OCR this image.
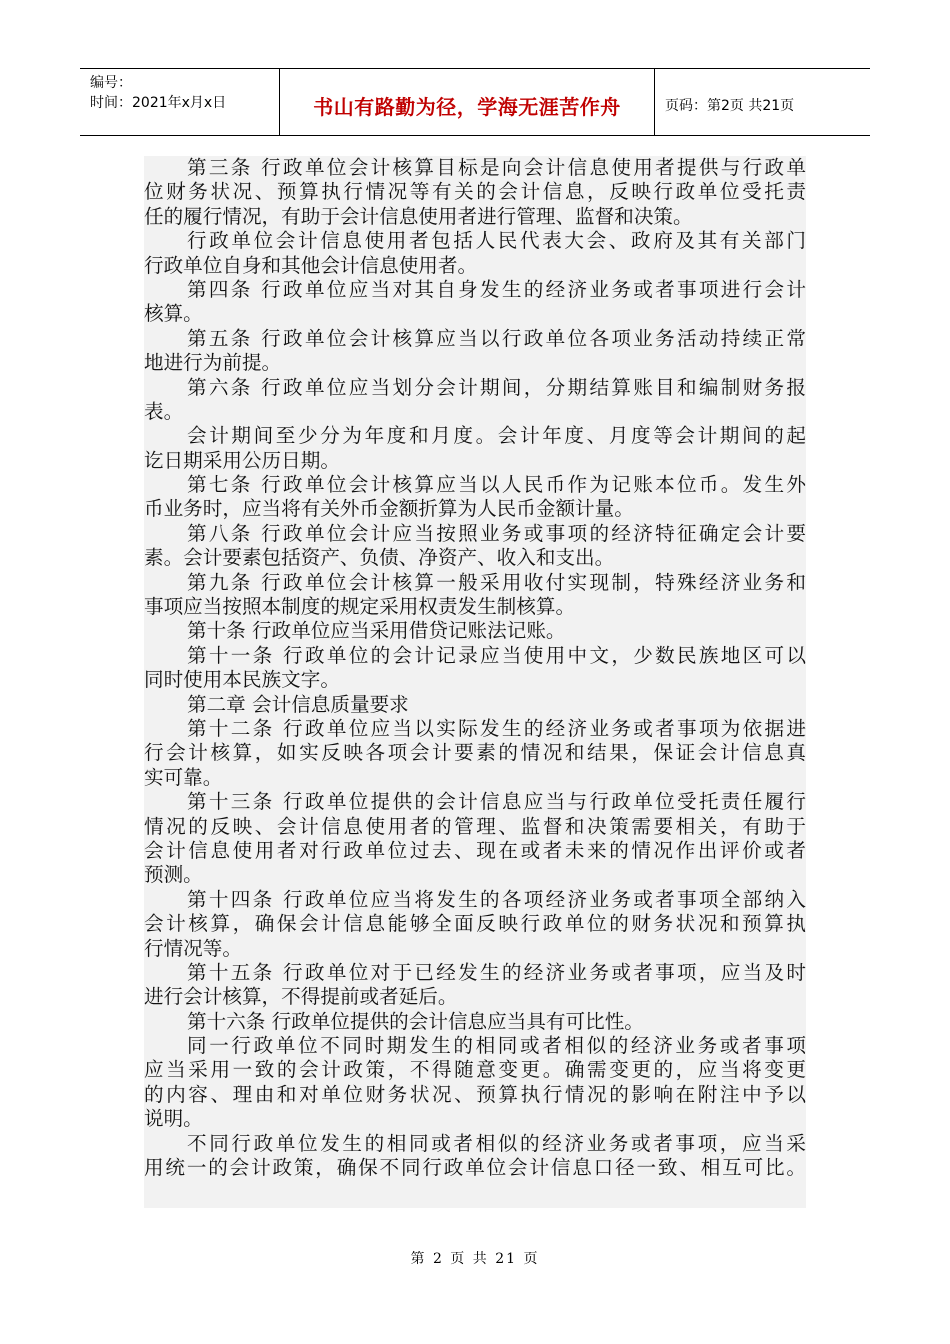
编号：
时间：2021年x月x日	书山有路勤为径，学海无涯苦作舟	页码：第2页 共21页
第三条 行政单位会计核算目标是向会计信息使用者提供与行政单
位财务状况、预算执行情况等有关的会计信息，反映行政单位受托责
任的履行情况，有助于会计信息使用者进行管理、监督和决策。
行政单位会计信息使用者包括人民代表大会、政府及其有关部门
行政单位自身和其他会计信息使用者。
第四条 行政单位应当对其自身发生的经济业务或者事项进行会计
核算。
第五条 行政单位会计核算应当以行政单位各项业务活动持续正常
地进行为前提。
第六条 行政单位应当划分会计期间，分期结算账目和编制财务报
表。
会计期间至少分为年度和月度。会计年度、月度等会计期间的起
讫日期采用公历日期。
第七条 行政单位会计核算应当以人民币作为记账本位币。发生外
币业务时，应当将有关外币金额折算为人民币金额计量。
第八条 行政单位会计应当按照业务或事项的经济特征确定会计要
素。会计要素包括资产、负债、净资产、收入和支出。
第九条 行政单位会计核算一般采用收付实现制，特殊经济业务和
事项应当按照本制度的规定采用权责发生制核算。
第十条 行政单位应当采用借贷记账法记账。
第十一条 行政单位的会计记录应当使用中文，少数民族地区可以
同时使用本民族文字。
第二章 会计信息质量要求
第十二条 行政单位应当以实际发生的经济业务或者事项为依据进
行会计核算，如实反映各项会计要素的情况和结果，保证会计信息真
实可靠。
第十三条 行政单位提供的会计信息应当与行政单位受托责任履行
情况的反映、会计信息使用者的管理、监督和决策需要相关，有助于
会计信息使用者对行政单位过去、现在或者未来的情况作出评价或者
预测。
第十四条 行政单位应当将发生的各项经济业务或者事项全部纳入
会计核算，确保会计信息能够全面反映行政单位的财务状况和预算执
行情况等。
第十五条 行政单位对于已经发生的经济业务或者事项，应当及时
进行会计核算，不得提前或者延后。
第十六条 行政单位提供的会计信息应当具有可比性。
同一行政单位不同时期发生的相同或者相似的经济业务或者事项
应当采用一致的会计政策，不得随意变更。确需变更的，应当将变更
的内容、理由和对单位财务状况、预算执行情况的影响在附注中予以
说明。
不同行政单位发生的相同或者相似的经济业务或者事项，应当采
用统一的会计政策，确保不同行政单位会计信息口径一致、相互可比。
第 2 页 共 21 页
